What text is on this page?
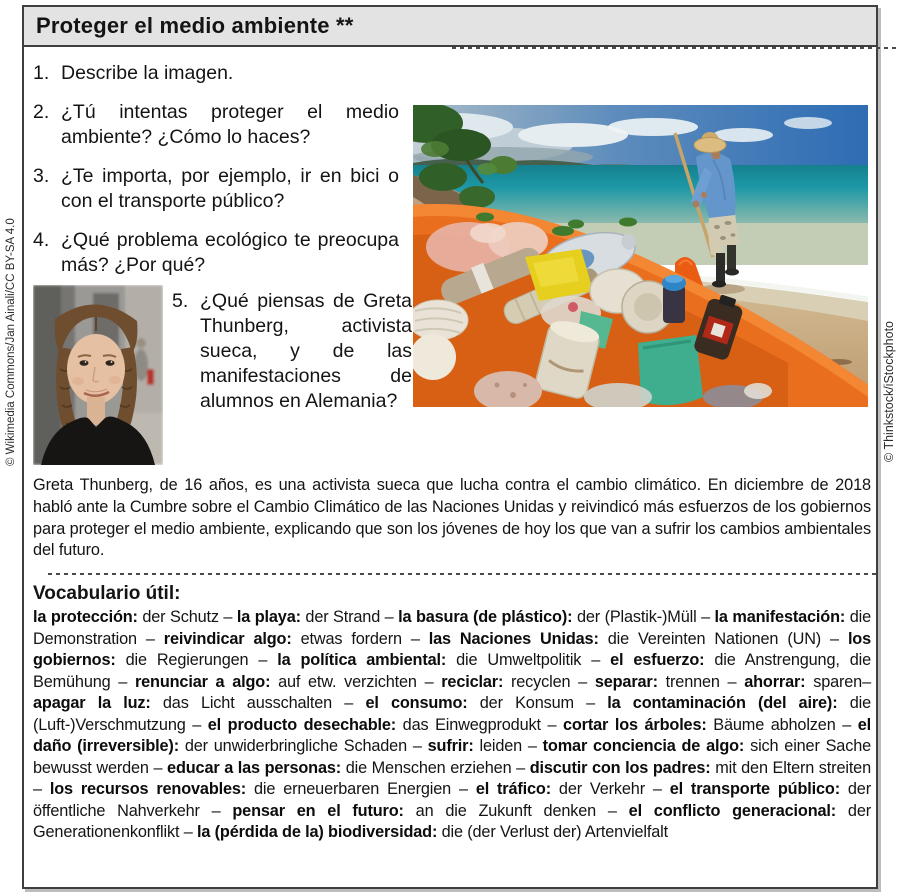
© Wikimedia Commons/Jan Ainali/CC BY-SA 4.0	© Thinkstock/iStockphoto
Proteger el medio ambiente **
1. Describe la imagen.
2. ¿Tú intentas proteger el medio ambiente? ¿Cómo lo haces?
3. ¿Te importa, por ejemplo, ir en bici o con el transporte público?
4. ¿Qué problema ecológico te preocupa más? ¿Por qué?
5. ¿Qué piensas de Greta Thunberg, activista sueca, y de las manifestaciones de alumnos en Alemania?

Greta Thunberg, de 16 años, es una activista sueca que lucha contra el cambio climático. En diciembre de 2018 habló ante la Cumbre sobre el Cambio Climático de las Naciones Unidas y reivindicó más esfuerzos de los gobiernos para proteger el medio ambiente, explicando que son los jóvenes de hoy los que van a sufrir los cambios ambientales del futuro.

Vocabulario útil:
la protección: der Schutz – la playa: der Strand – la basura (de plástico): der (Plastik-)Müll – la manifestación: die Demonstration – reivindicar algo: etwas fordern – las Naciones Unidas: die Vereinten Nationen (UN) – los gobiernos: die Regierungen – la política ambiental: die Umweltpolitik – el esfuerzo: die Anstrengung, die Bemühung – renunciar a algo: auf etw. verzichten – reciclar: recyclen – separar: trennen – ahorrar: sparen– apagar la luz: das Licht ausschalten – el consumo: der Konsum – la contaminación (del aire): die (Luft-)Verschmutzung – el producto desechable: das Einwegprodukt – cortar los árboles: Bäume abholzen – el daño (irreversible): der unwiderbringliche Schaden – sufrir: leiden – tomar conciencia de algo: sich einer Sache bewusst werden – educar a las personas: die Menschen erziehen – discutir con los padres: mit den Eltern streiten – los recursos renovables: die erneuerbaren Energien – el tráfico: der Verkehr – el transporte público: der öffentliche Nahverkehr – pensar en el futuro: an die Zukunft denken – el conflicto generacional: der Generationenkonflikt – la (pérdida de la) biodiversidad: die (der Verlust der) Artenvielfalt
